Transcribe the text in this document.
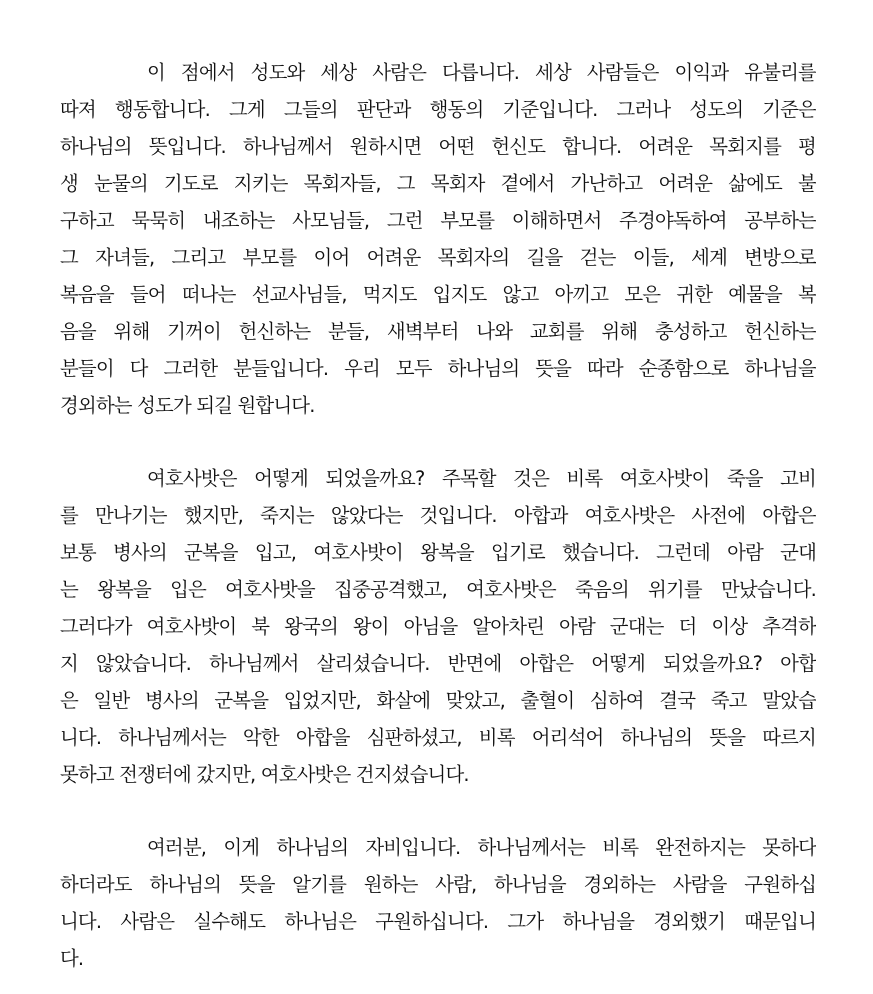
이 점에서 성도와 세상 사람은 다릅니다. 세상 사람들은 이익과 유불리를
따져 행동합니다. 그게 그들의 판단과 행동의 기준입니다. 그러나 성도의 기준은
하나님의 뜻입니다. 하나님께서 원하시면 어떤 헌신도 합니다. 어려운 목회지를 평
생 눈물의 기도로 지키는 목회자들, 그 목회자 곁에서 가난하고 어려운 삶에도 불
구하고 묵묵히 내조하는 사모님들, 그런 부모를 이해하면서 주경야독하여 공부하는
그 자녀들, 그리고 부모를 이어 어려운 목회자의 길을 걷는 이들, 세계 변방으로
복음을 들어 떠나는 선교사님들, 먹지도 입지도 않고 아끼고 모은 귀한 예물을 복
음을 위해 기꺼이 헌신하는 분들, 새벽부터 나와 교회를 위해 충성하고 헌신하는
분들이 다 그러한 분들입니다. 우리 모두 하나님의 뜻을 따라 순종함으로 하나님을
경외하는 성도가 되길 원합니다.
여호사밧은 어떻게 되었을까요? 주목할 것은 비록 여호사밧이 죽을 고비
를 만나기는 했지만, 죽지는 않았다는 것입니다. 아합과 여호사밧은 사전에 아합은
보통 병사의 군복을 입고, 여호사밧이 왕복을 입기로 했습니다. 그런데 아람 군대
는 왕복을 입은 여호사밧을 집중공격했고, 여호사밧은 죽음의 위기를 만났습니다.
그러다가 여호사밧이 북 왕국의 왕이 아님을 알아차린 아람 군대는 더 이상 추격하
지 않았습니다. 하나님께서 살리셨습니다. 반면에 아합은 어떻게 되었을까요? 아합
은 일반 병사의 군복을 입었지만, 화살에 맞았고, 출혈이 심하여 결국 죽고 말았습
니다. 하나님께서는 악한 아합을 심판하셨고, 비록 어리석어 하나님의 뜻을 따르지
못하고 전쟁터에 갔지만, 여호사밧은 건지셨습니다.
여러분, 이게 하나님의 자비입니다. 하나님께서는 비록 완전하지는 못하다
하더라도 하나님의 뜻을 알기를 원하는 사람, 하나님을 경외하는 사람을 구원하십
니다. 사람은 실수해도 하나님은 구원하십니다. 그가 하나님을 경외했기 때문입니
다.
